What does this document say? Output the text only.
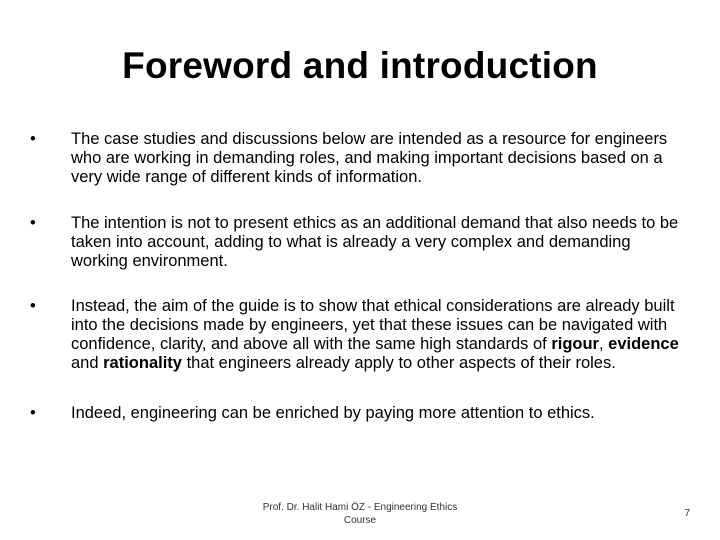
Foreword and introduction
•	The case studies and discussions below are intended as a resource for engineers who are working in demanding roles, and making important decisions based on a very wide range of different kinds of information.
•	The intention is not to present ethics as an additional demand that also needs to be taken into account, adding to what is already a very complex and demanding working environment.
•	Instead, the aim of the guide is to show that ethical considerations are already built into the decisions made by engineers, yet that these issues can be navigated with confidence, clarity, and above all with the same high standards of rigour, evidence and rationality that engineers already apply to other aspects of their roles.
•	Indeed, engineering can be enriched by paying more attention to ethics.
Prof. Dr. Halit Hami ÖZ - Engineering Ethics Course
7
